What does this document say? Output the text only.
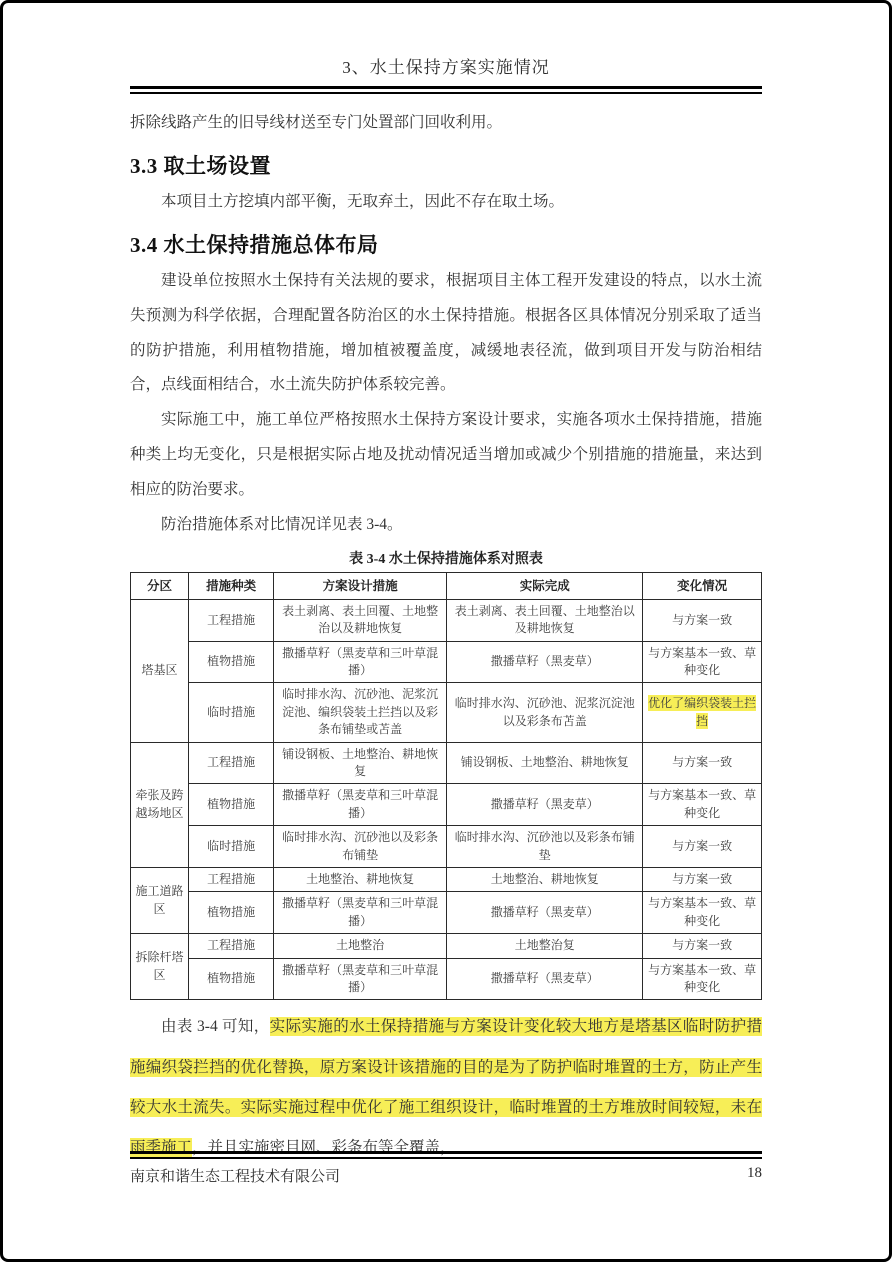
3、水土保持方案实施情况

拆除线路产生的旧导线材送至专门处置部门回收利用。

3.3 取土场设置

本项目土方挖填内部平衡，无取弃土，因此不存在取土场。

3.4 水土保持措施总体布局

建设单位按照水土保持有关法规的要求，根据项目主体工程开发建设的特点，以水土流失预测为科学依据，合理配置各防治区的水土保持措施。根据各区具体情况分别采取了适当的防护措施，利用植物措施，增加植被覆盖度，减缓地表径流，做到项目开发与防治相结合，点线面相结合，水土流失防护体系较完善。

实际施工中，施工单位严格按照水土保持方案设计要求，实施各项水土保持措施，措施种类上均无变化，只是根据实际占地及扰动情况适当增加或减少个别措施的措施量，来达到相应的防治要求。

防治措施体系对比情况详见表 3-4。

表 3-4 水土保持措施体系对照表
分区	措施种类	方案设计措施	实际完成	变化情况
塔基区	工程措施	表土剥离、表土回覆、土地整治以及耕地恢复	表土剥离、表土回覆、土地整治以及耕地恢复	与方案一致
	植物措施	撒播草籽（黑麦草和三叶草混播）	撒播草籽（黑麦草）	与方案基本一致、草种变化
	临时措施	临时排水沟、沉砂池、泥浆沉淀池、编织袋装土拦挡以及彩条布铺垫或苫盖	临时排水沟、沉砂池、泥浆沉淀池以及彩条布苫盖	优化了编织袋装土拦挡
牵张及跨越场地区	工程措施	铺设钢板、土地整治、耕地恢复	铺设钢板、土地整治、耕地恢复	与方案一致
	植物措施	撒播草籽（黑麦草和三叶草混播）	撒播草籽（黑麦草）	与方案基本一致、草种变化
	临时措施	临时排水沟、沉砂池以及彩条布铺垫	临时排水沟、沉砂池以及彩条布铺垫	与方案一致
施工道路区	工程措施	土地整治、耕地恢复	土地整治、耕地恢复	与方案一致
	植物措施	撒播草籽（黑麦草和三叶草混播）	撒播草籽（黑麦草）	与方案基本一致、草种变化
拆除杆塔区	工程措施	土地整治	土地整治复	与方案一致
	植物措施	撒播草籽（黑麦草和三叶草混播）	撒播草籽（黑麦草）	与方案基本一致、草种变化

由表 3-4 可知，实际实施的水土保持措施与方案设计变化较大地方是塔基区临时防护措施编织袋拦挡的优化替换，原方案设计该措施的目的是为了防护临时堆置的土方，防止产生较大水土流失。实际实施过程中优化了施工组织设计，临时堆置的土方堆放时间较短，未在雨季施工，并且实施密目网、彩条布等全覆盖，

南京和谐生态工程技术有限公司	18
